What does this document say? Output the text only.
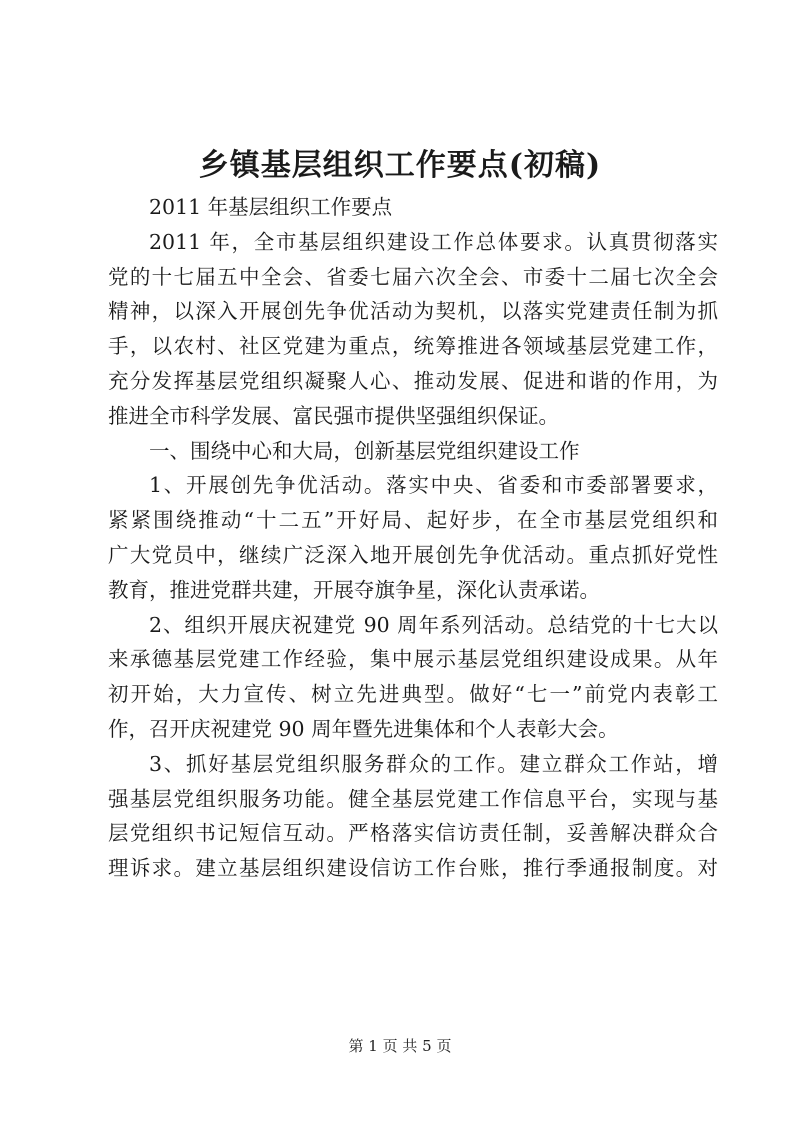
乡镇基层组织工作要点(初稿)
2011 年基层组织工作要点
2011 年，全市基层组织建设工作总体要求。认真贯彻落实
党的十七届五中全会、省委七届六次全会、市委十二届七次全会
精神，以深入开展创先争优活动为契机，以落实党建责任制为抓
手，以农村、社区党建为重点，统筹推进各领域基层党建工作，
充分发挥基层党组织凝聚人心、推动发展、促进和谐的作用，为
推进全市科学发展、富民强市提供坚强组织保证。
一、围绕中心和大局，创新基层党组织建设工作
1、开展创先争优活动。落实中央、省委和市委部署要求，
紧紧围绕推动“十二五”开好局、起好步，在全市基层党组织和
广大党员中，继续广泛深入地开展创先争优活动。重点抓好党性
教育，推进党群共建，开展夺旗争星，深化认责承诺。
2、组织开展庆祝建党 90 周年系列活动。总结党的十七大以
来承德基层党建工作经验，集中展示基层党组织建设成果。从年
初开始，大力宣传、树立先进典型。做好“七一”前党内表彰工
作，召开庆祝建党 90 周年暨先进集体和个人表彰大会。
3、抓好基层党组织服务群众的工作。建立群众工作站，增
强基层党组织服务功能。健全基层党建工作信息平台，实现与基
层党组织书记短信互动。严格落实信访责任制，妥善解决群众合
理诉求。建立基层组织建设信访工作台账，推行季通报制度。对
第 1 页 共 5 页
